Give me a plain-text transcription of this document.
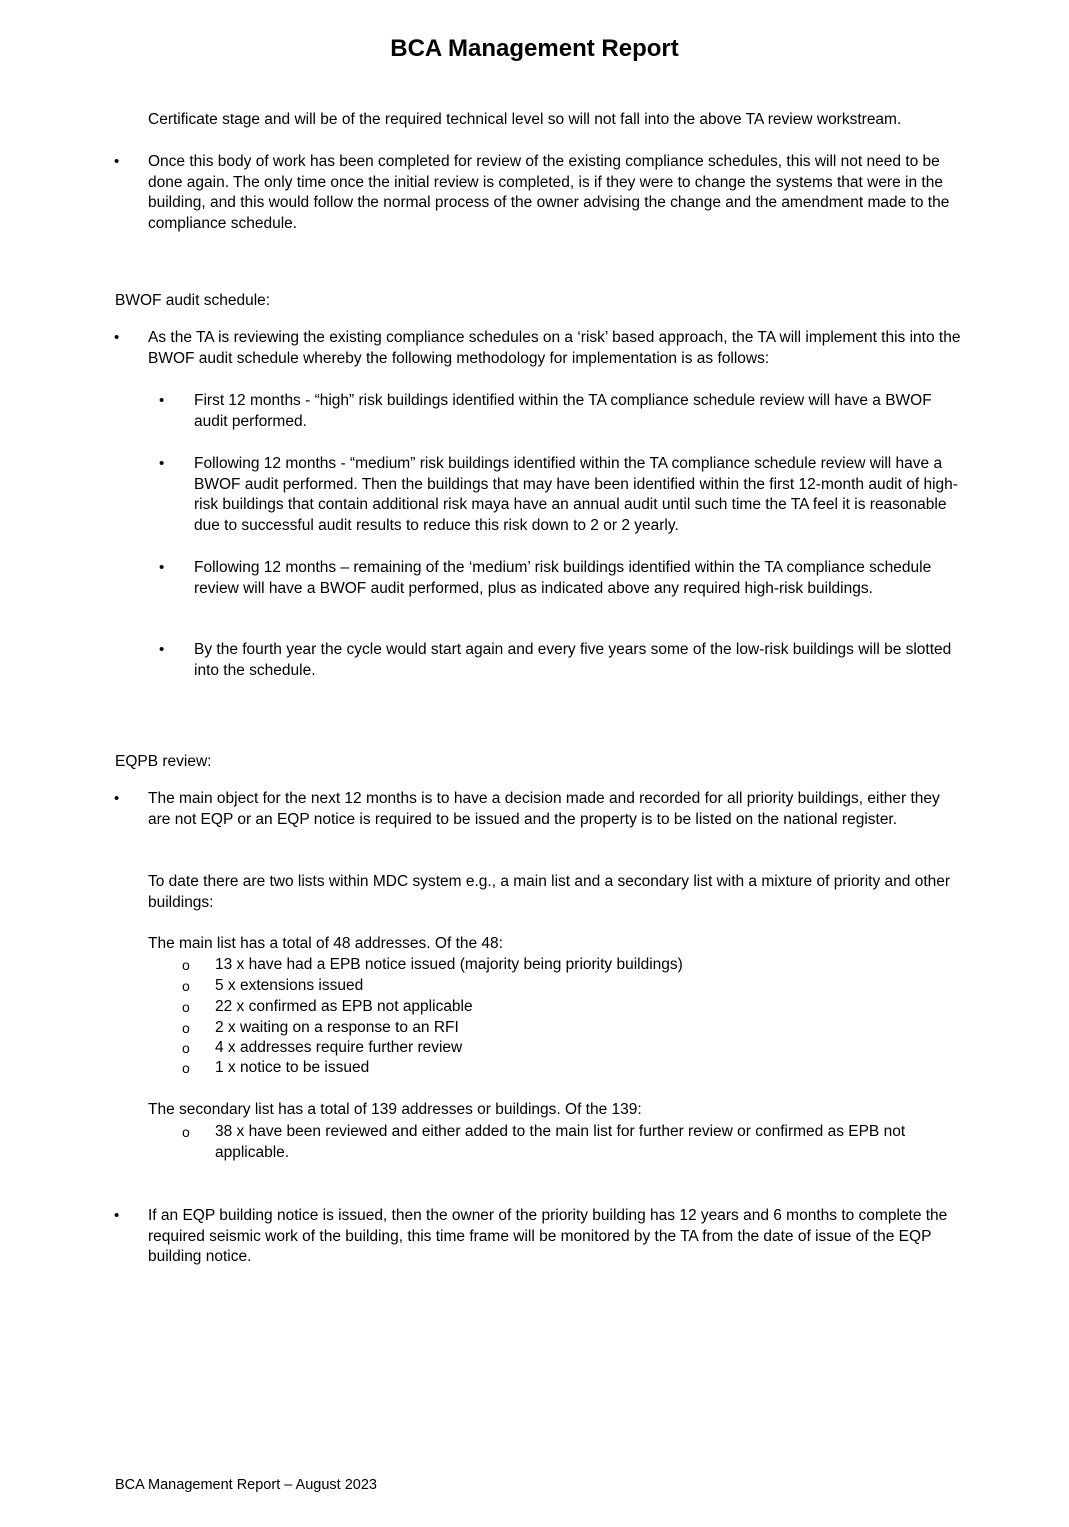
BCA Management Report
Certificate stage and will be of the required technical level so will not fall into the above TA review workstream.
• Once this body of work has been completed for review of the existing compliance schedules, this will not need to be done again. The only time once the initial review is completed, is if they were to change the systems that were in the building, and this would follow the normal process of the owner advising the change and the amendment made to the compliance schedule.
BWOF audit schedule:
• As the TA is reviewing the existing compliance schedules on a ‘risk’ based approach, the TA will implement this into the BWOF audit schedule whereby the following methodology for implementation is as follows:
• First 12 months - “high” risk buildings identified within the TA compliance schedule review will have a BWOF audit performed.
• Following 12 months - “medium” risk buildings identified within the TA compliance schedule review will have a BWOF audit performed. Then the buildings that may have been identified within the first 12-month audit of high-risk buildings that contain additional risk maya have an annual audit until such time the TA feel it is reasonable due to successful audit results to reduce this risk down to 2 or 2 yearly.
• Following 12 months – remaining of the ‘medium’ risk buildings identified within the TA compliance schedule review will have a BWOF audit performed, plus as indicated above any required high-risk buildings.
• By the fourth year the cycle would start again and every five years some of the low-risk buildings will be slotted into the schedule.
EQPB review:
• The main object for the next 12 months is to have a decision made and recorded for all priority buildings, either they are not EQP or an EQP notice is required to be issued and the property is to be listed on the national register.
To date there are two lists within MDC system e.g., a main list and a secondary list with a mixture of priority and other buildings:
The main list has a total of 48 addresses. Of the 48:
o 13 x have had a EPB notice issued (majority being priority buildings)
o 5 x extensions issued
o 22 x confirmed as EPB not applicable
o 2 x waiting on a response to an RFI
o 4 x addresses require further review
o 1 x notice to be issued
The secondary list has a total of 139 addresses or buildings. Of the 139:
o 38 x have been reviewed and either added to the main list for further review or confirmed as EPB not applicable.
• If an EQP building notice is issued, then the owner of the priority building has 12 years and 6 months to complete the required seismic work of the building, this time frame will be monitored by the TA from the date of issue of the EQP building notice.
BCA Management Report – August 2023
